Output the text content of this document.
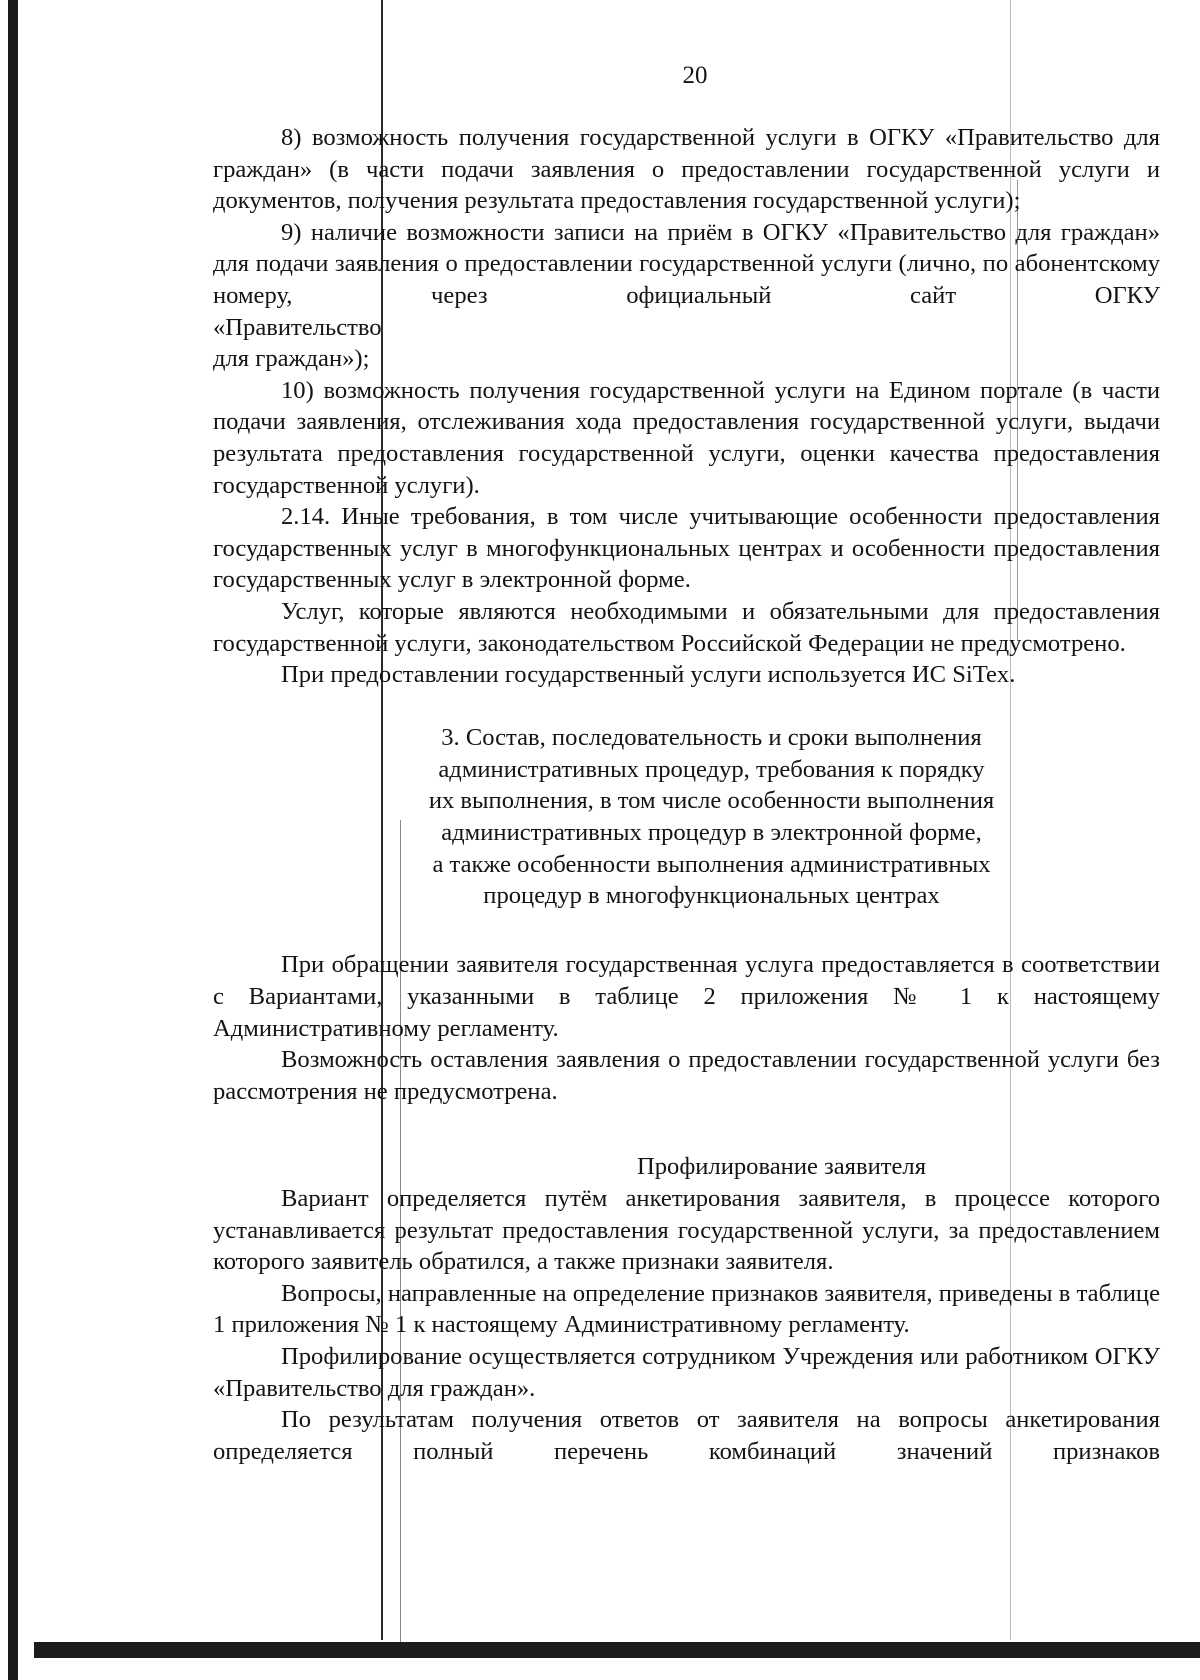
20

8) возможность получения государственной услуги в ОГКУ «Правительство для граждан» (в части подачи заявления о предоставлении государственной услуги и документов, получения результата предоставления государственной услуги);

9) наличие возможности записи на приём в ОГКУ «Правительство для граждан» для подачи заявления о предоставлении государственной услуги (лично, по абонентскому номеру, через официальный сайт ОГКУ

«Правительство

для граждан»);

10) возможность получения государственной услуги на Едином портале (в части подачи заявления, отслеживания хода предоставления государственной услуги, выдачи результата предоставления государственной услуги, оценки качества предоставления государственной услуги).

2.14. Иные требования, в том числе учитывающие особенности предоставления государственных услуг в многофункциональных центрах и особенности предоставления государственных услуг в электронной форме.

Услуг, которые являются необходимыми и обязательными для предоставления государственной услуги, законодательством Российской Федерации не предусмотрено.

При предоставлении государственный услуги используется ИС SiTex.

3. Состав, последовательность и сроки выполнения
административных процедур, требования к порядку
их выполнения, в том числе особенности выполнения
административных процедур в электронной форме,
а также особенности выполнения административных
процедур в многофункциональных центрах

При обращении заявителя государственная услуга предоставляется в соответствии с Вариантами, указанными в таблице 2 приложения № 1 к настоящему Административному регламенту.

Возможность оставления заявления о предоставлении государственной услуги без рассмотрения не предусмотрена.

Профилирование заявителя

Вариант определяется путём анкетирования заявителя, в процессе которого устанавливается результат предоставления государственной услуги, за предоставлением которого заявитель обратился, а также признаки заявителя.

Вопросы, направленные на определение признаков заявителя, приведены в таблице 1 приложения № 1 к настоящему Административному регламенту.

Профилирование осуществляется сотрудником Учреждения или работником ОГКУ «Правительство для граждан».

По результатам получения ответов от заявителя на вопросы анкетирования определяется полный перечень комбинаций значений признаков
